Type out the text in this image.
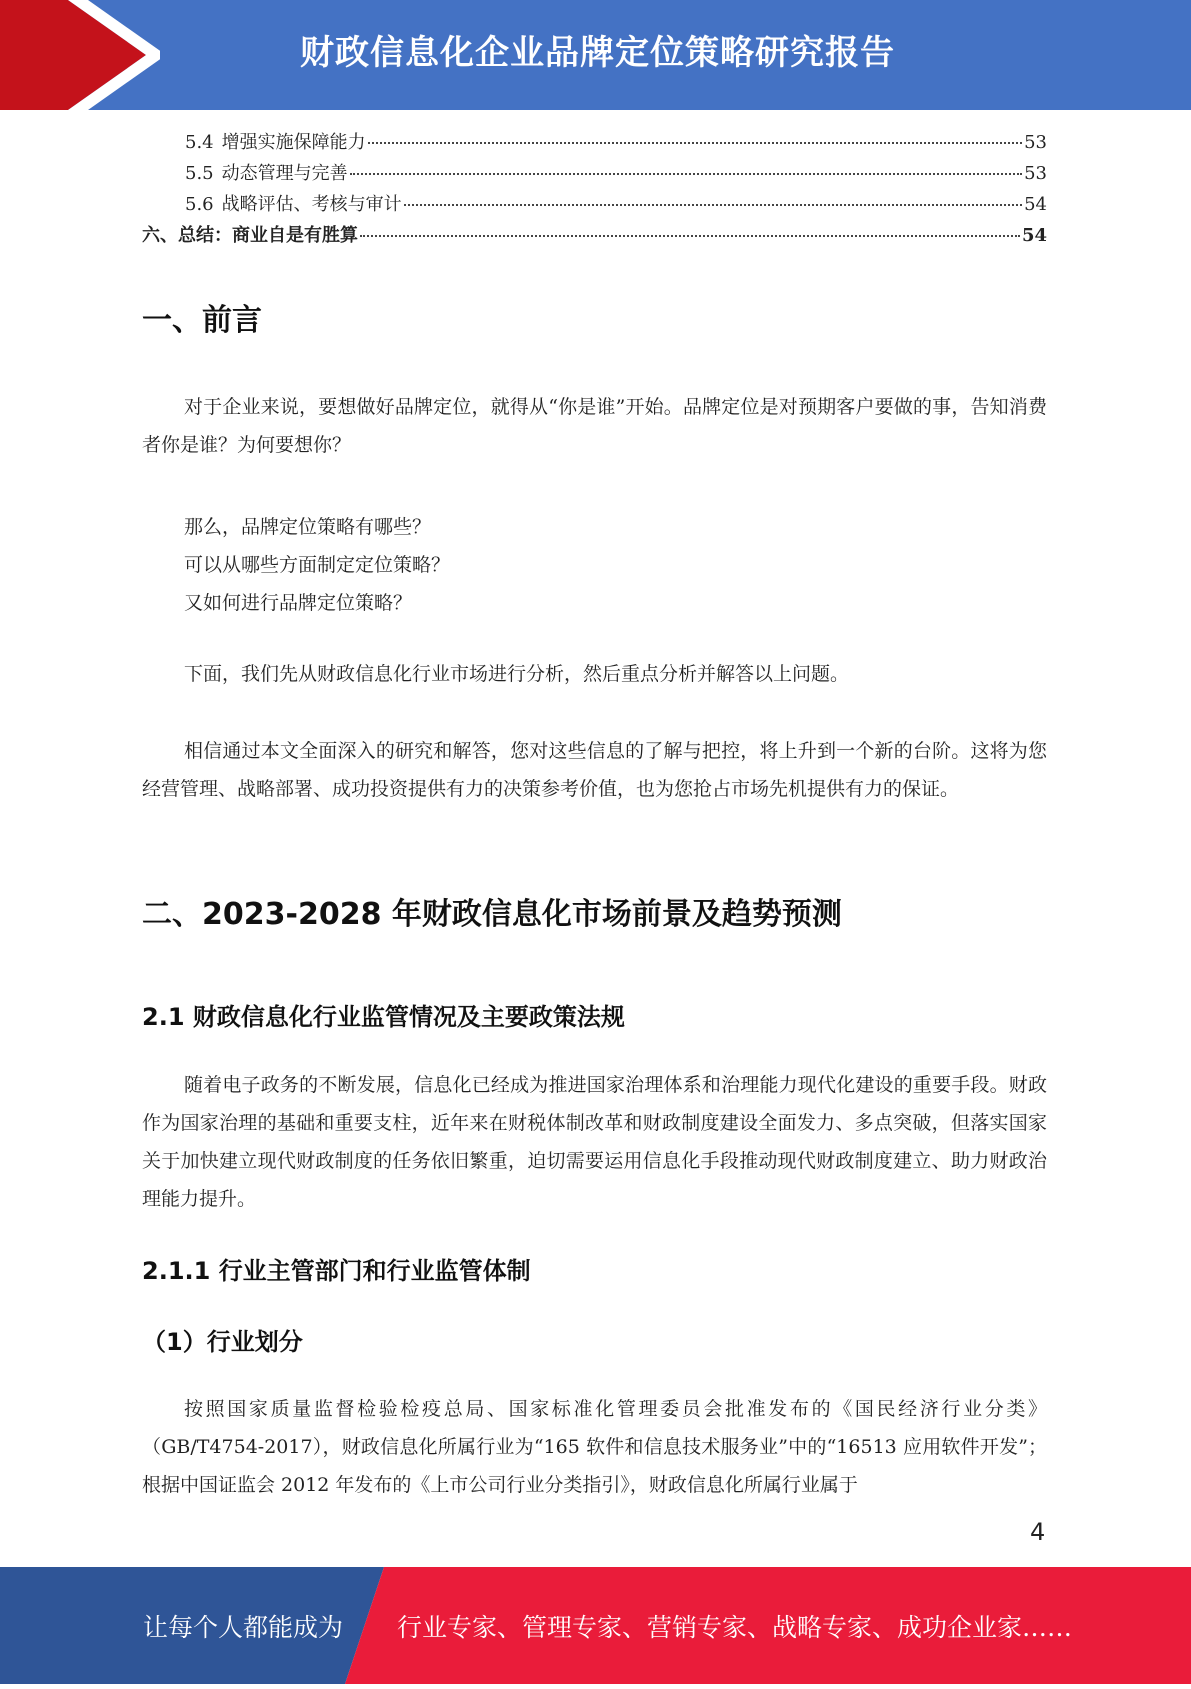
财政信息化企业品牌定位策略研究报告
5.4 增强实施保障能力	53
5.5 动态管理与完善	53
5.6 战略评估、考核与审计	54
六、总结：商业自是有胜算	54
一、前言
对于企业来说，要想做好品牌定位，就得从“你是谁”开始。品牌定位是对预期客户要做的事，告知消费者你是谁？为何要想你？
那么，品牌定位策略有哪些？
可以从哪些方面制定定位策略？
又如何进行品牌定位策略？
下面，我们先从财政信息化行业市场进行分析，然后重点分析并解答以上问题。
相信通过本文全面深入的研究和解答，您对这些信息的了解与把控，将上升到一个新的台阶。这将为您经营管理、战略部署、成功投资提供有力的决策参考价值，也为您抢占市场先机提供有力的保证。
二、2023-2028 年财政信息化市场前景及趋势预测
2.1 财政信息化行业监管情况及主要政策法规
随着电子政务的不断发展，信息化已经成为推进国家治理体系和治理能力现代化建设的重要手段。财政作为国家治理的基础和重要支柱，近年来在财税体制改革和财政制度建设全面发力、多点突破，但落实国家关于加快建立现代财政制度的任务依旧繁重，迫切需要运用信息化手段推动现代财政制度建立、助力财政治理能力提升。
2.1.1 行业主管部门和行业监管体制
（1）行业划分
按照国家质量监督检验检疫总局、国家标准化管理委员会批准发布的《国民经济行业分类》（GB/T4754-2017），财政信息化所属行业为“165 软件和信息技术服务业”中的“16513 应用软件开发”；根据中国证监会 2012 年发布的《上市公司行业分类指引》，财政信息化所属行业属于
4
让每个人都能成为 行业专家、管理专家、营销专家、战略专家、成功企业家……
